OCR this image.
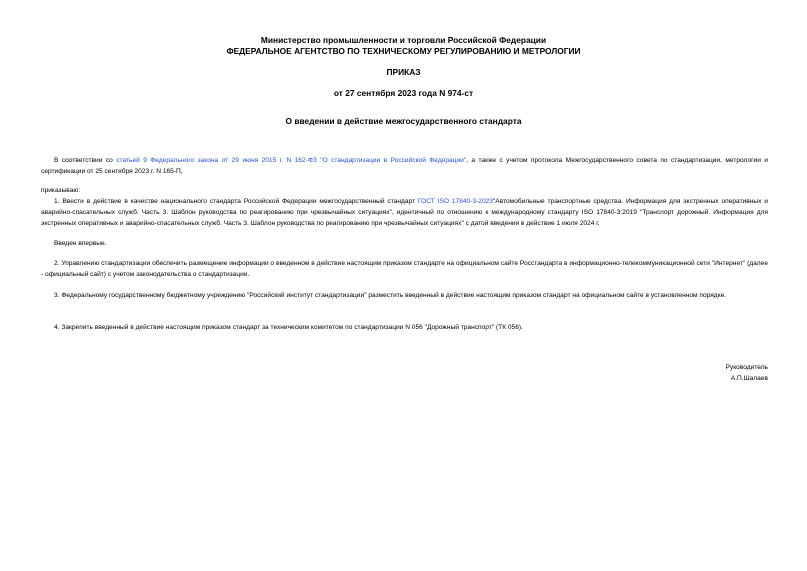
Министерство промышленности и торговли Российской Федерации
ФЕДЕРАЛЬНОЕ АГЕНТСТВО ПО ТЕХНИЧЕСКОМУ РЕГУЛИРОВАНИЮ И МЕТРОЛОГИИ
ПРИКАЗ
от 27 сентября 2023 года N 974-ст
О введении в действие межгосударственного стандарта
В соответствии со статьей 9 Федерального закона от 29 июня 2015 г. N 162-ФЗ "О стандартизации в Российской Федерации", а также с учетом протокола Межгосударственного совета по стандартизации, метрологии и сертификации от 25 сентября 2023 г. N 165-П,
приказываю:
1. Ввести в действие в качестве национального стандарта Российской Федерации межгосударственный стандарт ГОСТ ISO 17840-3-2023"Автомобильные транспортные средства. Информация для экстренных оперативных и аварийно-спасательных служб. Часть 3. Шаблон руководства по реагированию при чрезвычайных ситуациях", идентичный по отношению к международному стандарту ISO 17840-3:2019 "Транспорт дорожный. Информация для экстренных оперативных и аварийно-спасательных служб. Часть 3. Шаблон руководства по реагированию при чрезвычайных ситуациях" с датой введения в действие 1 июля 2024 г.
Введен впервые.
2. Управлению стандартизации обеспечить размещение информации о введенном в действие настоящим приказом стандарте на официальном сайте Росстандарта в информационно-телекоммуникационной сети "Интернет" (далее - официальный сайт) с учетом законодательства о стандартизации.
3. Федеральному государственному бюджетному учреждению "Российский институт стандартизации" разместить введенный в действие настоящим приказом стандарт на официальном сайте в установленном порядке.
4. Закрепить введенный в действие настоящим приказом стандарт за техническим комитетом по стандартизации N 056 "Дорожный транспорт" (ТК 056).
Руководитель
А.П.Шалаев
